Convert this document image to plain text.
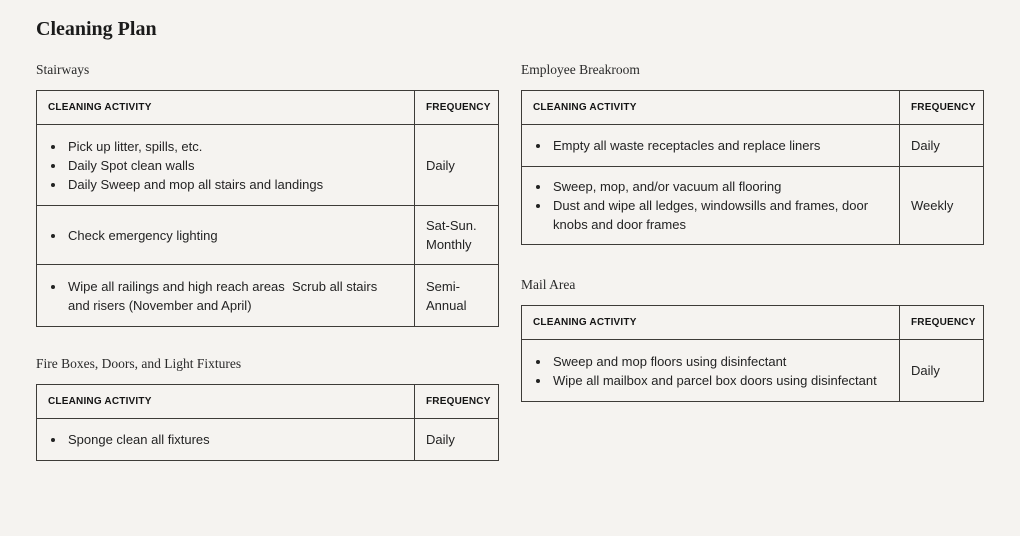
Cleaning Plan
Stairways
CLEANING ACTIVITY	FREQUENCY

• Pick up litter, spills, etc.
• Daily Spot clean walls
• Daily Sweep and mop all stairs and landings
	Daily

• Check emergency lighting
	Sat-Sun. Monthly

• Wipe all railings and high reach areas  Scrub all stairs and risers (November and April)
	Semi-Annual
Fire Boxes, Doors, and Light Fixtures
CLEANING ACTIVITY	FREQUENCY

• Sponge clean all fixtures	Daily
Employee Breakroom
CLEANING ACTIVITY	FREQUENCY

• Empty all waste receptacles and replace liners	Daily

• Sweep, mop, and/or vacuum all flooring
• Dust and wipe all ledges, windowsills and frames, door knobs and door frames
	Weekly
Mail Area
CLEANING ACTIVITY	FREQUENCY

• Sweep and mop floors using disinfectant
• Wipe all mailbox and parcel box doors using disinfectant
	Daily
